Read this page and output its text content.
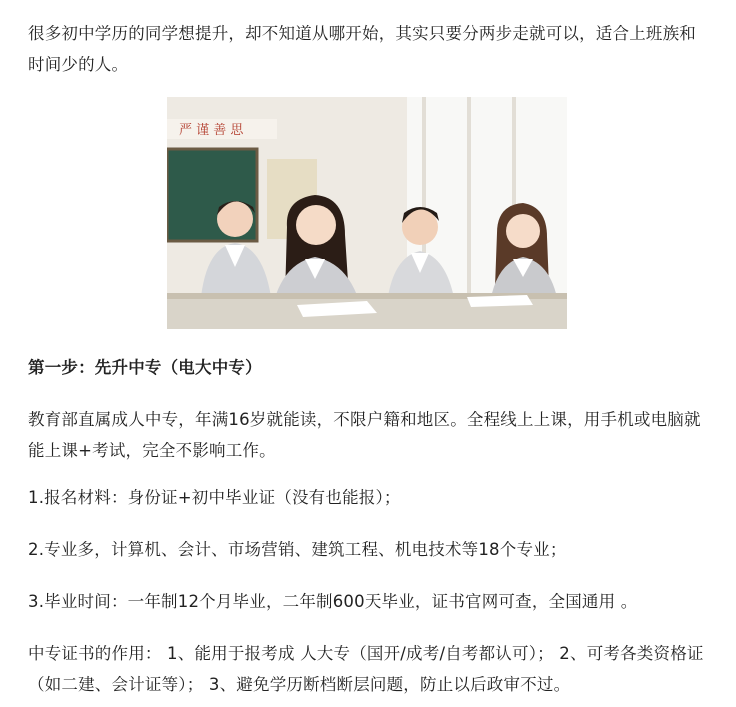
很多初中学历的同学想提升，却不知道从哪开始，其实只要分两步走就可以，适合上班族和时间少的人。

严 谨 善 思

第一步：先升中专（电大中专）

教育部直属成人中专，年满16岁就能读，不限户籍和地区。全程线上上课，用手机或电脑就能上课+考试，完全不影响工作。

1.报名材料：身份证+初中毕业证（没有也能报）；

2.专业多，计算机、会计、市场营销、建筑工程、机电技术等18个专业；

3.毕业时间：一年制12个月毕业，二年制600天毕业，证书官网可查，全国通用 。

中专证书的作用： 1、能用于报考成 人大专（国开/成考/自考都认可）； 2、可考各类资格证（如二建、会计证等）； 3、避免学历断档断层问题，防止以后政审不过。
